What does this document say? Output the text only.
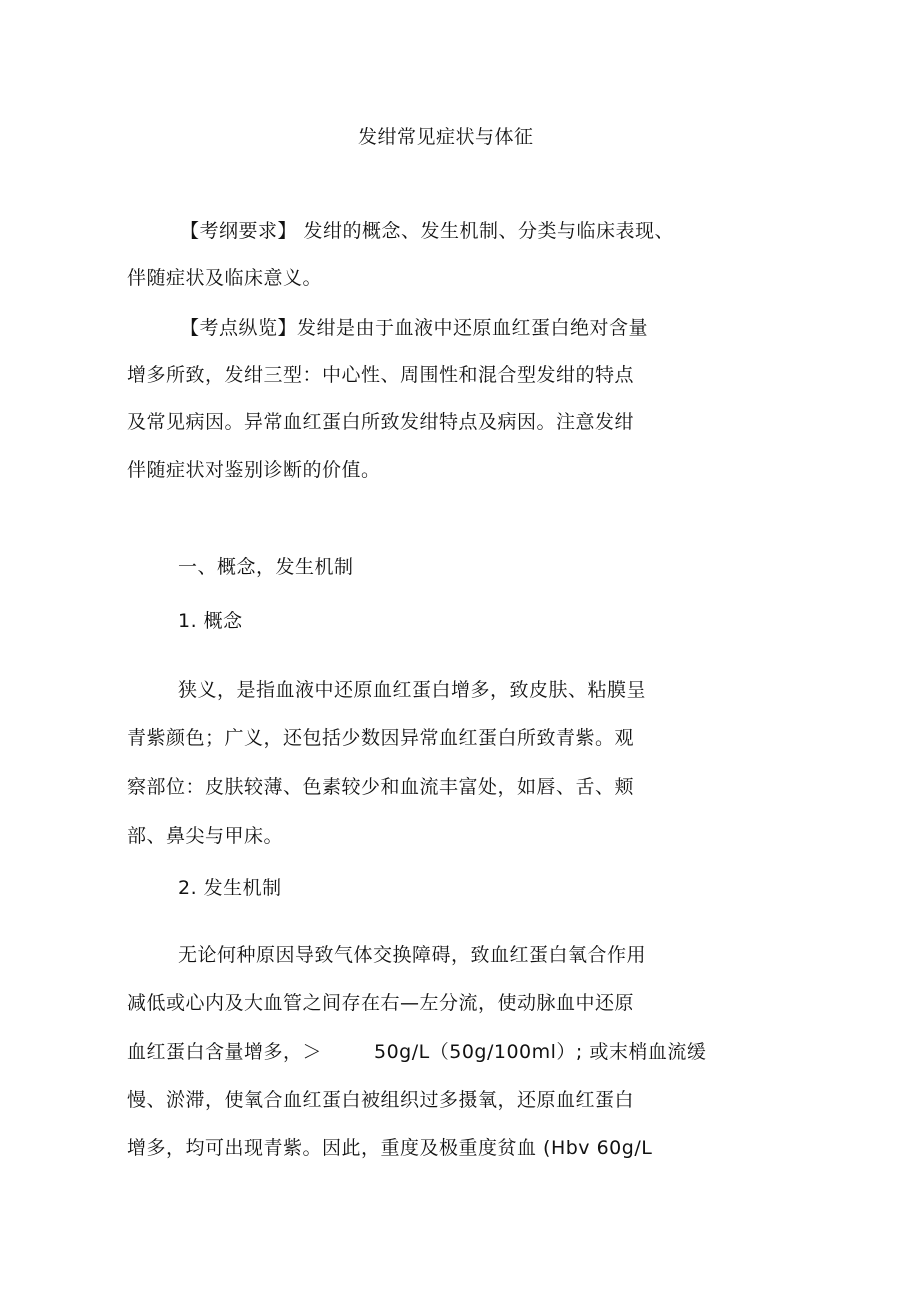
发绀常见症状与体征
【考纲要求】 发绀的概念、发生机制、分类与临床表现、
伴随症状及临床意义。
【考点纵览】发绀是由于血液中还原血红蛋白绝对含量
增多所致，发绀三型：中心性、周围性和混合型发绀的特点
及常见病因。异常血红蛋白所致发绀特点及病因。注意发绀
伴随症状对鉴别诊断的价值。
一、概念，发生机制
1. 概念
狭义，是指血液中还原血红蛋白增多，致皮肤、粘膜呈
青紫颜色；广义，还包括少数因异常血红蛋白所致青紫。观
察部位：皮肤较薄、色素较少和血流丰富处，如唇、舌、颊
部、鼻尖与甲床。
2. 发生机制
无论何种原因导致气体交换障碍，致血红蛋白氧合作用
减低或心内及大血管之间存在右—左分流，使动脉血中还原
血红蛋白含量增多，＞	50g/L（50g/100ml）; 或末梢血流缓
慢、淤滞，使氧合血红蛋白被组织过多摄氧，还原血红蛋白
增多，均可出现青紫。因此，重度及极重度贫血 (Hbv 60g/L
